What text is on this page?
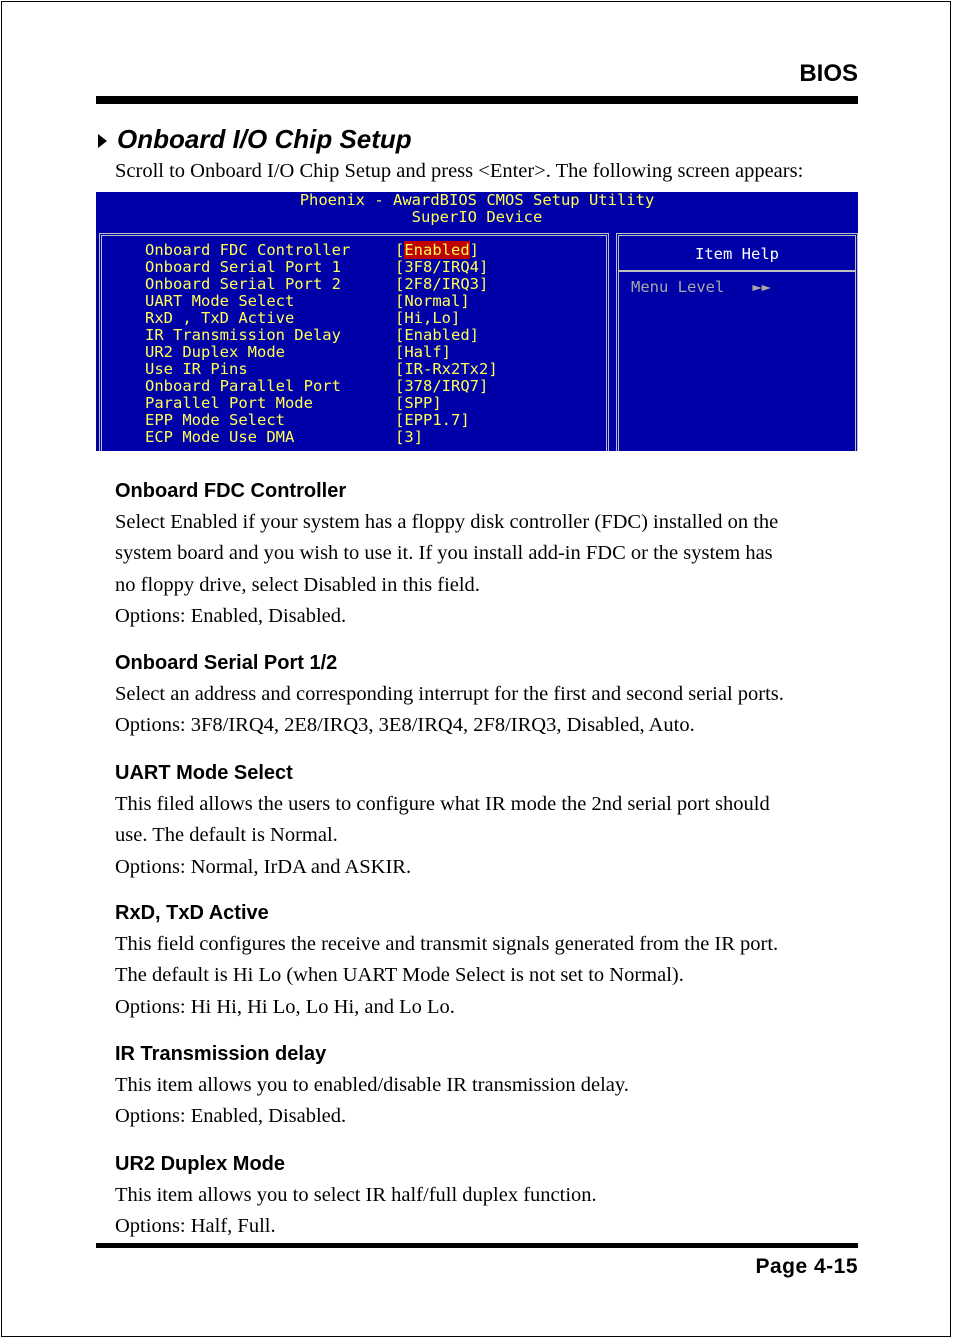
BIOS
Onboard I/O Chip Setup
Scroll to Onboard I/O Chip Setup and press <Enter>. The following screen appears:
Phoenix - AwardBIOS CMOS Setup Utility
SuperIO Device
Onboard FDC Controller	[Enabled]
Onboard Serial Port 1	[3F8/IRQ4]
Onboard Serial Port 2	[2F8/IRQ3]
UART Mode Select	[Normal]
RxD , TxD Active	[Hi,Lo]
IR Transmission Delay	[Enabled]
UR2 Duplex Mode	[Half]
Use IR Pins	[IR-Rx2Tx2]
Onboard Parallel Port	[378/IRQ7]
Parallel Port Mode	[SPP]
EPP Mode Select	[EPP1.7]
ECP Mode Use DMA	[3]
Item Help
Menu Level   ►►
Onboard FDC Controller
Select Enabled if your system has a floppy disk controller (FDC) installed on the
system board and you wish to use it. If you install add-in FDC or the system has
no floppy drive, select Disabled in this field.
Options: Enabled, Disabled.
Onboard Serial Port 1/2
Select an address and corresponding interrupt for the first and second serial ports.
Options: 3F8/IRQ4, 2E8/IRQ3, 3E8/IRQ4, 2F8/IRQ3, Disabled, Auto.
UART Mode Select
This filed allows the users to configure what IR mode the 2nd serial port should
use. The default is Normal.
Options: Normal, IrDA and ASKIR.
RxD, TxD Active
This field configures the receive and transmit signals generated from the IR port.
The default is Hi Lo (when UART Mode Select is not set to Normal).
Options: Hi Hi, Hi Lo, Lo Hi, and Lo Lo.
IR Transmission delay
This item allows you to enabled/disable IR transmission delay.
Options: Enabled, Disabled.
UR2 Duplex Mode
This item allows you to select IR half/full duplex function.
Options: Half, Full.
Page 4-15
